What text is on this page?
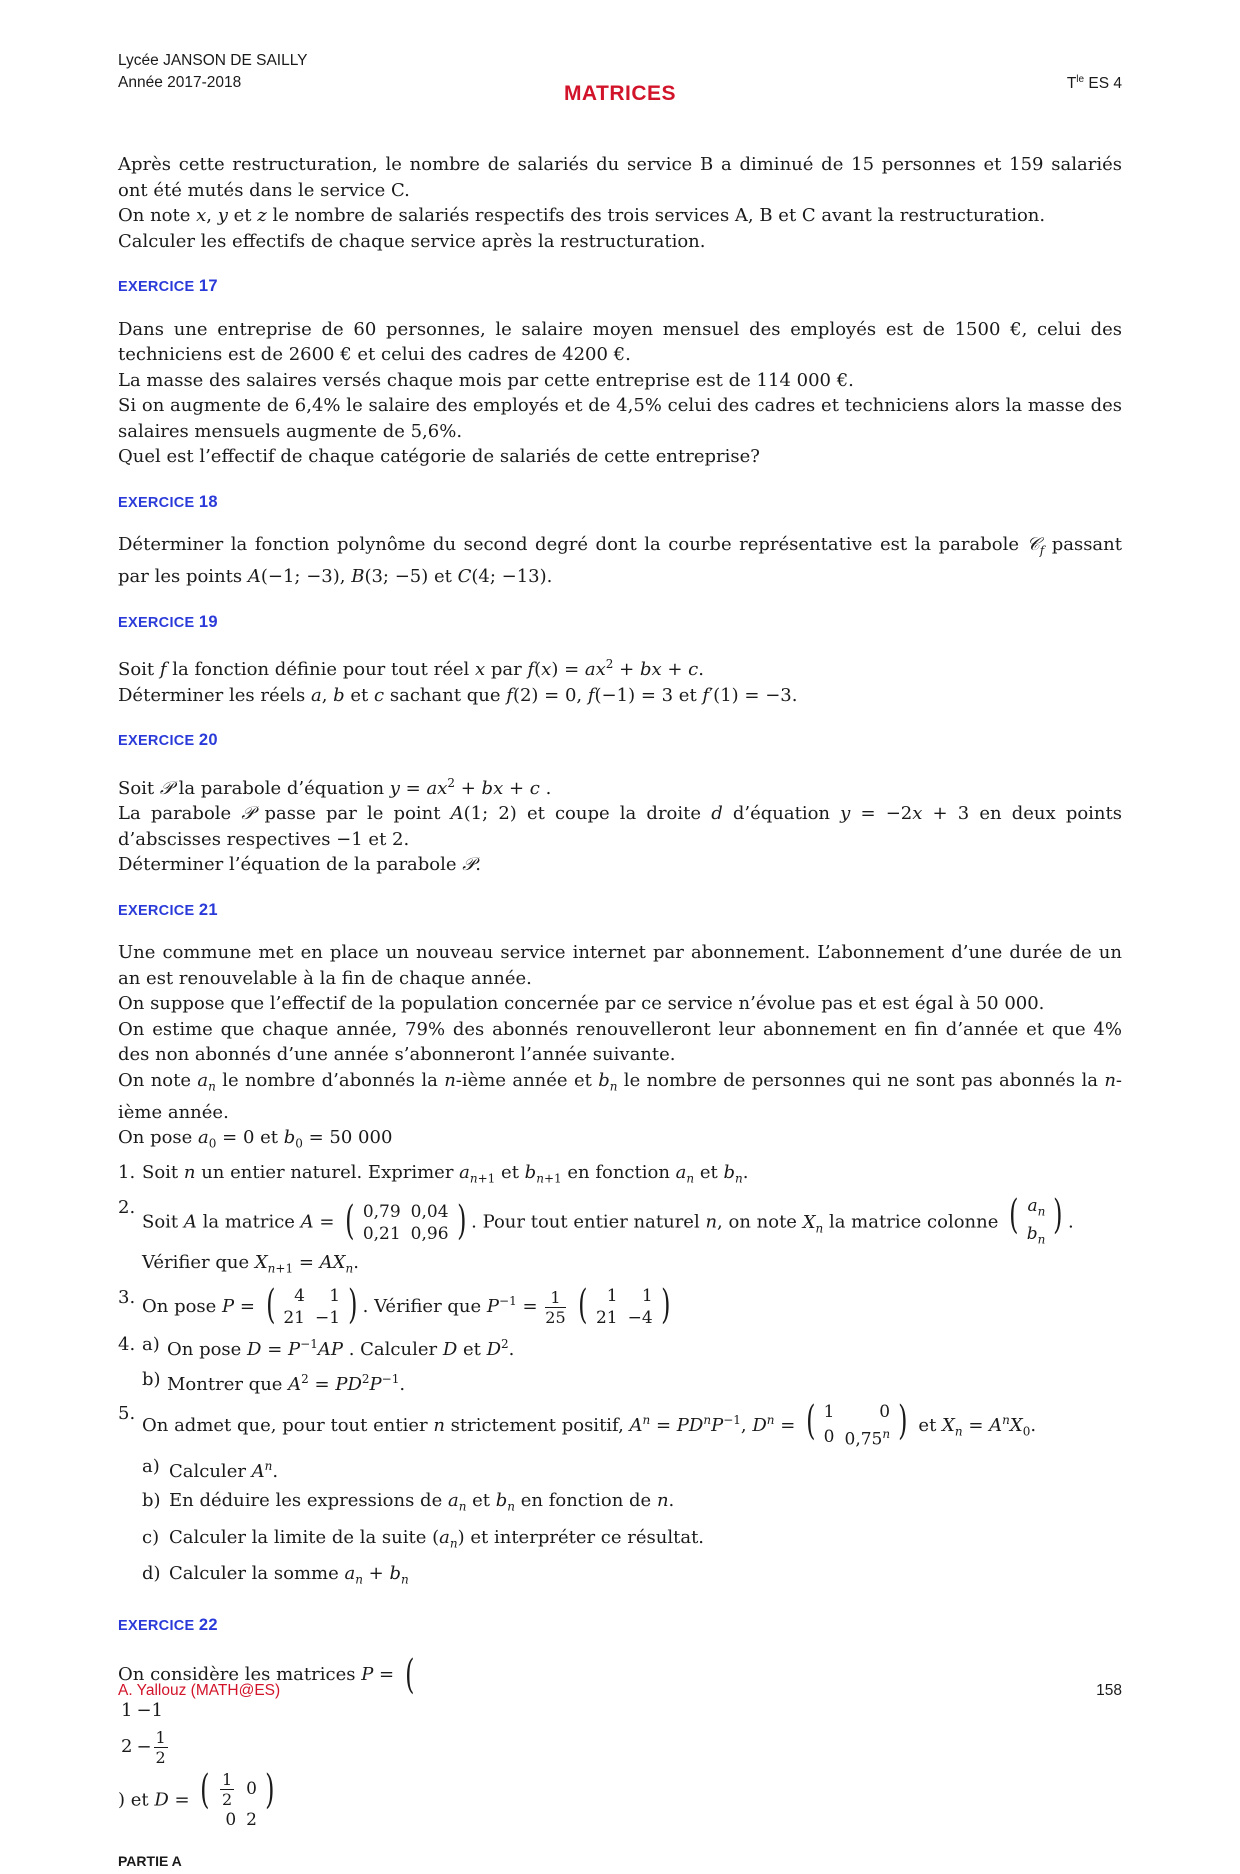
Lycée JANSON DE SAILLY
Année 2017-2018	MATRICES	$T^{le}$ ES 4

Après cette restructuration, le nombre de salariés du service B a diminué de 15 personnes et 159 salariés ont été mutés dans le service C.

On note x, y et z le nombre de salariés respectifs des trois services A, B et C avant la restructuration.

Calculer les effectifs de chaque service après la restructuration.

EXERCICE 17

Dans une entreprise de 60 personnes, le salaire moyen mensuel des employés est de 1500 €, celui des techniciens est de 2600 € et celui des cadres de 4200 €.

La masse des salaires versés chaque mois par cette entreprise est de 114 000 €.

Si on augmente de 6,4% le salaire des employés et de 4,5% celui des cadres et techniciens alors la masse des salaires mensuels augmente de 5,6%.

Quel est l’effectif de chaque catégorie de salariés de cette entreprise?

EXERCICE 18

Déterminer la fonction polynôme du second degré dont la courbe représentative est la parabole 𝒞$_f$ passant par les points A(−1; −3), B(3; −5) et C(4; −13).

EXERCICE 19

Soit f la fonction définie pour tout réel x par $f(x) = ax^2$ + bx + c.

Déterminer les réels a, b et c sachant que f(2) = 0, f(−1) = 3 et f′(1) = −3.

EXERCICE 20

Soit 𝒫 la parabole d’équation $y = ax^2$ + bx + c .

La parabole 𝒫 passe par le point A(1; 2) et coupe la droite d d’équation y = −2x + 3 en deux points d’abscisses respectives −1 et 2.

Déterminer l’équation de la parabole 𝒫.

EXERCICE 21

Une commune met en place un nouveau service internet par abonnement. L’abonnement d’une durée de un an est renouvelable à la fin de chaque année.

On suppose que l’effectif de la population concernée par ce service n’évolue pas et est égal à 50 000.

On estime que chaque année, 79% des abonnés renouvelleront leur abonnement en fin d’année et que 4% des non abonnés d’une année s’abonneront l’année suivante.

On note $a_n$ le nombre d’abonnés la n-ième année et $b_n$ le nombre de personnes qui ne sont pas abonnés la n-ième année.

On pose $a_0 = 0$ et $b_0 = 50$ 000

1. Soit n un entier naturel. Exprimer $a_{n+1}$ et $b_{n+1}$ en fonction $a_n$ et $b_n$.
2.
Soit A la matrice A = ( 0,79	0,04
0,21	0,96 ) . Pour tout entier naturel n, on note $X_n$ la matrice colonne ( $a_n$
$b_n$
) .
Vérifier que $X_{n+1} = AX_n$.
3. On pose P = ( 4	1
21	−1 ) . Vérifier que $P^{-1} = \frac{1}{25}$
( 1	1
21	−4 )
4. a) On pose $D = P^{-1}AP$ . Calculer D et $D^2$.
b) Montrer que $A^2 = PD^2P^{-1}$.
5.
On admet que, pour tout entier n strictement positif, $A^n = PD^nP^{-1}$, $D^n$ = ( 1	0
0	0,75$^n$ ) et $X_n = A^nX_0$.
a) Calculer $A^n$.
b) En déduire les expressions de $a_n$ et $b_n$ en fonction de n.
c) Calculer la limite de la suite $(a_n)$ et interpréter ce résultat.
d) Calculer la somme $a_n + b_n$
EXERCICE 22

On considère les matrices P = (

1	−1
2	− $\frac{1}{2}$
) et D = ( $\frac{1}{2}$	0
0	2
)

PARTIE A
A. Yallouz (MATH@ES)	158
